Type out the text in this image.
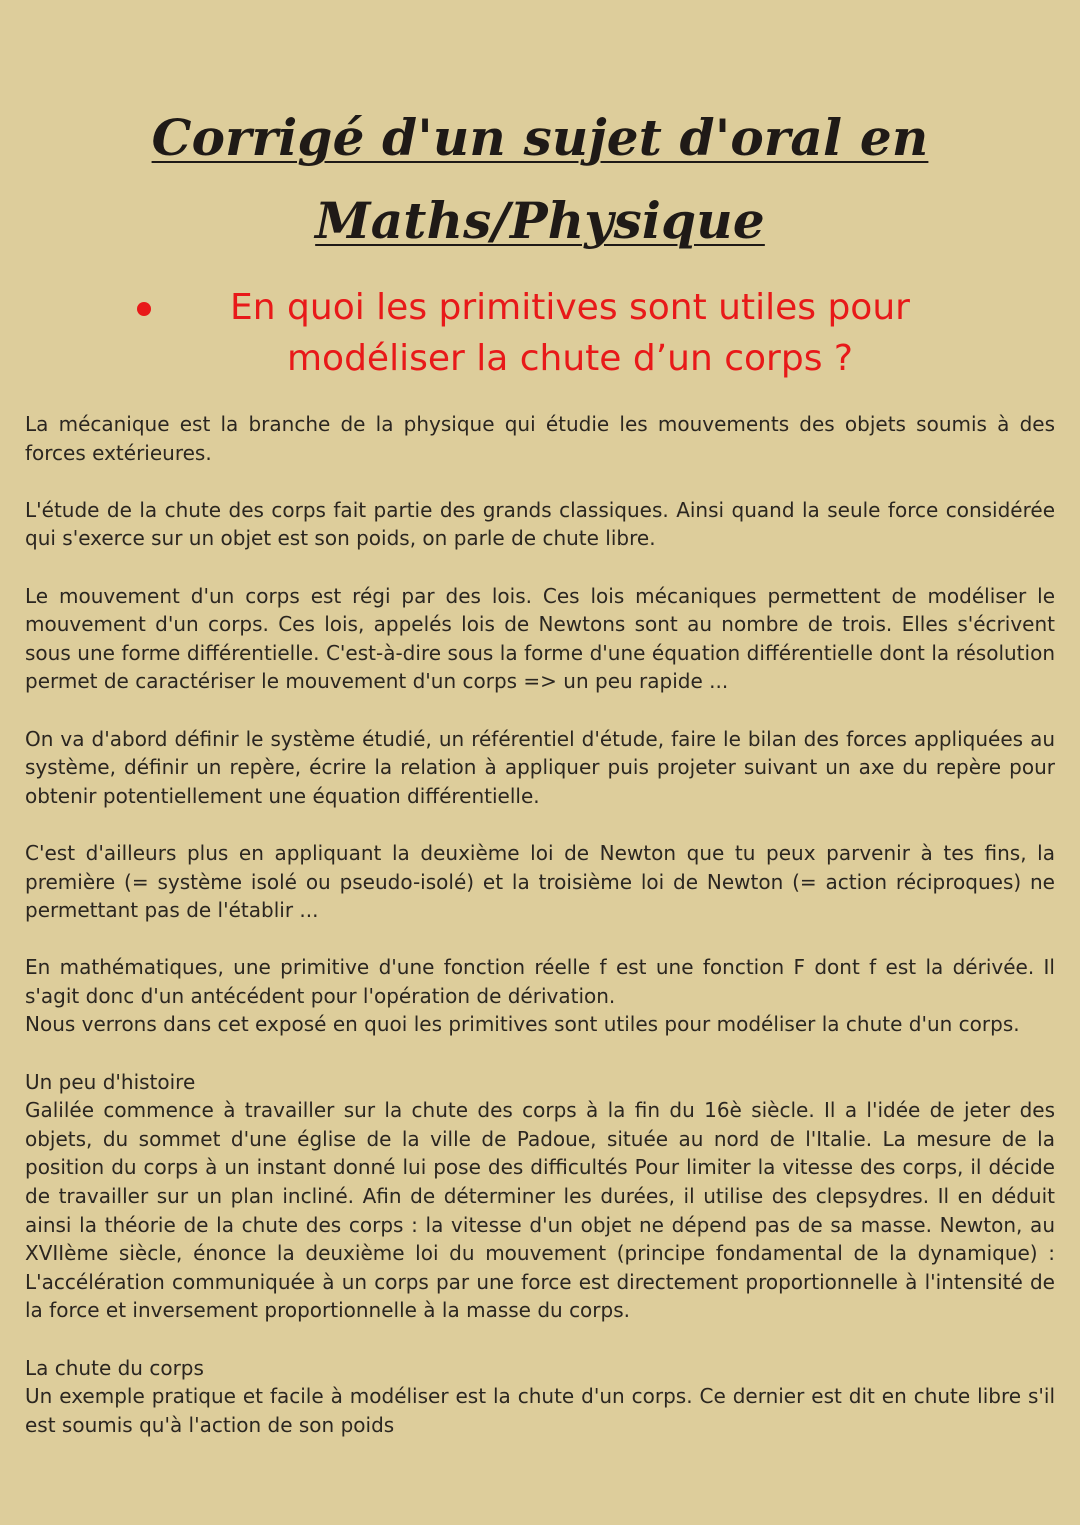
Corrigé d'un sujet d'oral en
Maths/Physique

En quoi les primitives sont utiles pour
modéliser la chute d’un corps ?

La mécanique est la branche de la physique qui étudie les mouvements des objets soumis à des forces extérieures.

L'étude de la chute des corps fait partie des grands classiques. Ainsi quand la seule force considérée qui s'exerce sur un objet est son poids, on parle de chute libre.

Le mouvement d'un corps est régi par des lois. Ces lois mécaniques permettent de modéliser le mouvement d'un corps. Ces lois, appelés lois de Newtons sont au nombre de trois. Elles s'écrivent sous une forme différentielle. C'est-à-dire sous la forme d'une équation différentielle dont la résolution permet de caractériser le mouvement d'un corps => un peu rapide ...

On va d'abord définir le système étudié, un référentiel d'étude, faire le bilan des forces appliquées au système, définir un repère, écrire la relation à appliquer puis projeter suivant un axe du repère pour obtenir potentiellement une équation différentielle.

C'est d'ailleurs plus en appliquant la deuxième loi de Newton que tu peux parvenir à tes fins, la première (= système isolé ou pseudo-isolé) et la troisième loi de Newton (= action réciproques) ne permettant pas de l'établir ...

En mathématiques, une primitive d'une fonction réelle f est une fonction F dont f est la dérivée. Il s'agit donc d'un antécédent pour l'opération de dérivation.

Nous verrons dans cet exposé en quoi les primitives sont utiles pour modéliser la chute d'un corps.

Un peu d'histoire

Galilée commence à travailler sur la chute des corps à la fin du 16è siècle. Il a l'idée de jeter des objets, du sommet d'une église de la ville de Padoue, située au nord de l'Italie. La mesure de la position du corps à un instant donné lui pose des difficultés Pour limiter la vitesse des corps, il décide de travailler sur un plan incliné. Afin de déterminer les durées, il utilise des clepsydres. Il en déduit ainsi la théorie de la chute des corps : la vitesse d'un objet ne dépend pas de sa masse. Newton, au XVIIème siècle, énonce la deuxième loi du mouvement (principe fondamental de la dynamique) : L'accélération communiquée à un corps par une force est directement proportionnelle à l'intensité de la force et inversement proportionnelle à la masse du corps.

La chute du corps

Un exemple pratique et facile à modéliser est la chute d'un corps. Ce dernier est dit en chute libre s'il est soumis qu'à l'action de son poids
